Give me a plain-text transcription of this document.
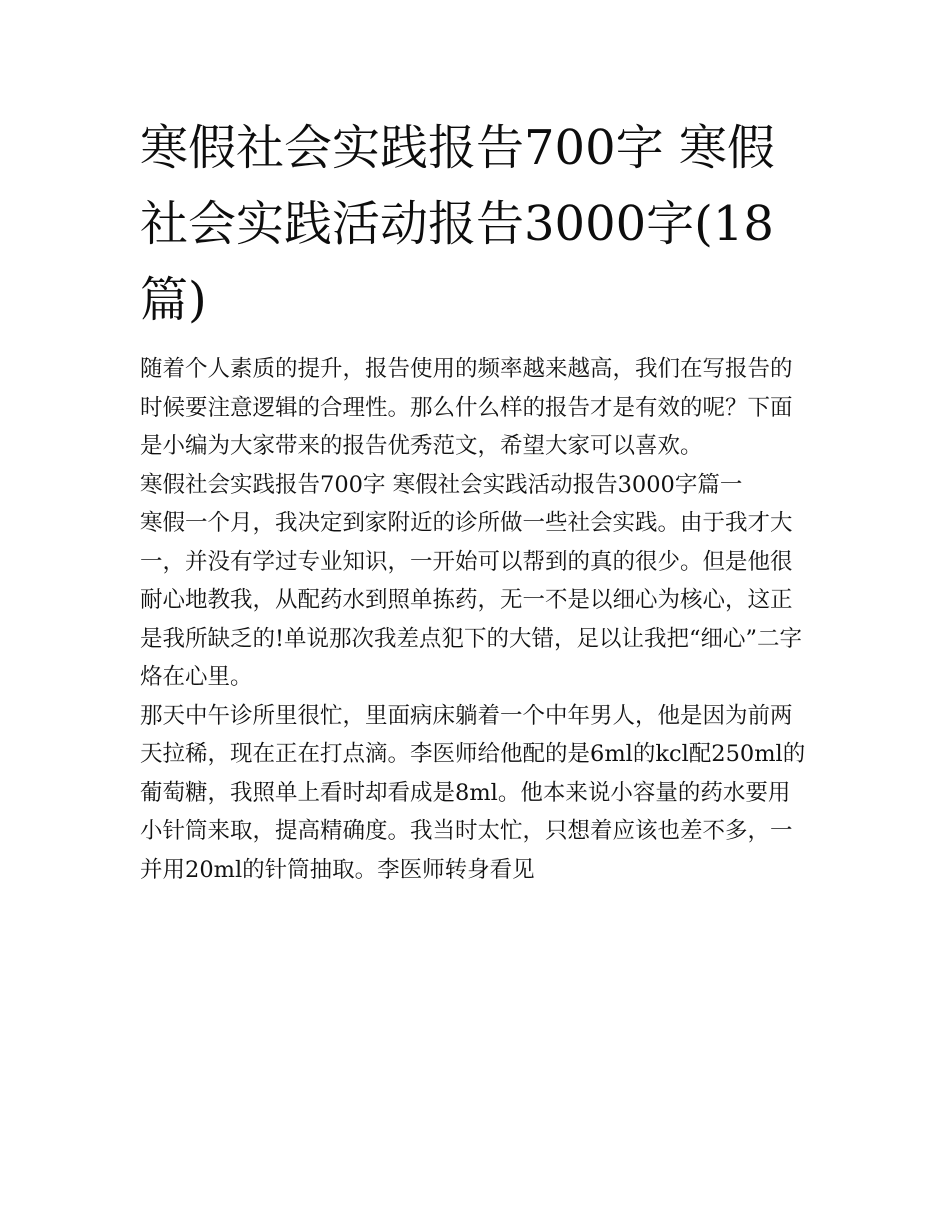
寒假社会实践报告700字 寒假社会实践活动报告3000字(18篇)

随着个人素质的提升，报告使用的频率越来越高，我们在写报告的时候要注意逻辑的合理性。那么什么样的报告才是有效的呢？下面是小编为大家带来的报告优秀范文，希望大家可以喜欢。

寒假社会实践报告700字 寒假社会实践活动报告3000字篇一

寒假一个月，我决定到家附近的诊所做一些社会实践。由于我才大一，并没有学过专业知识，一开始可以帮到的真的很少。但是他很耐心地教我，从配药水到照单拣药，无一不是以细心为核心，这正是我所缺乏的!单说那次我差点犯下的大错，足以让我把“细心”二字烙在心里。

那天中午诊所里很忙，里面病床躺着一个中年男人，他是因为前两天拉稀，现在正在打点滴。李医师给他配的是6ml的kcl配250ml的葡萄糖，我照单上看时却看成是8ml。他本来说小容量的药水要用小针筒来取，提高精确度。我当时太忙，只想着应该也差不多，一并用20ml的针筒抽取。李医师转身看见
